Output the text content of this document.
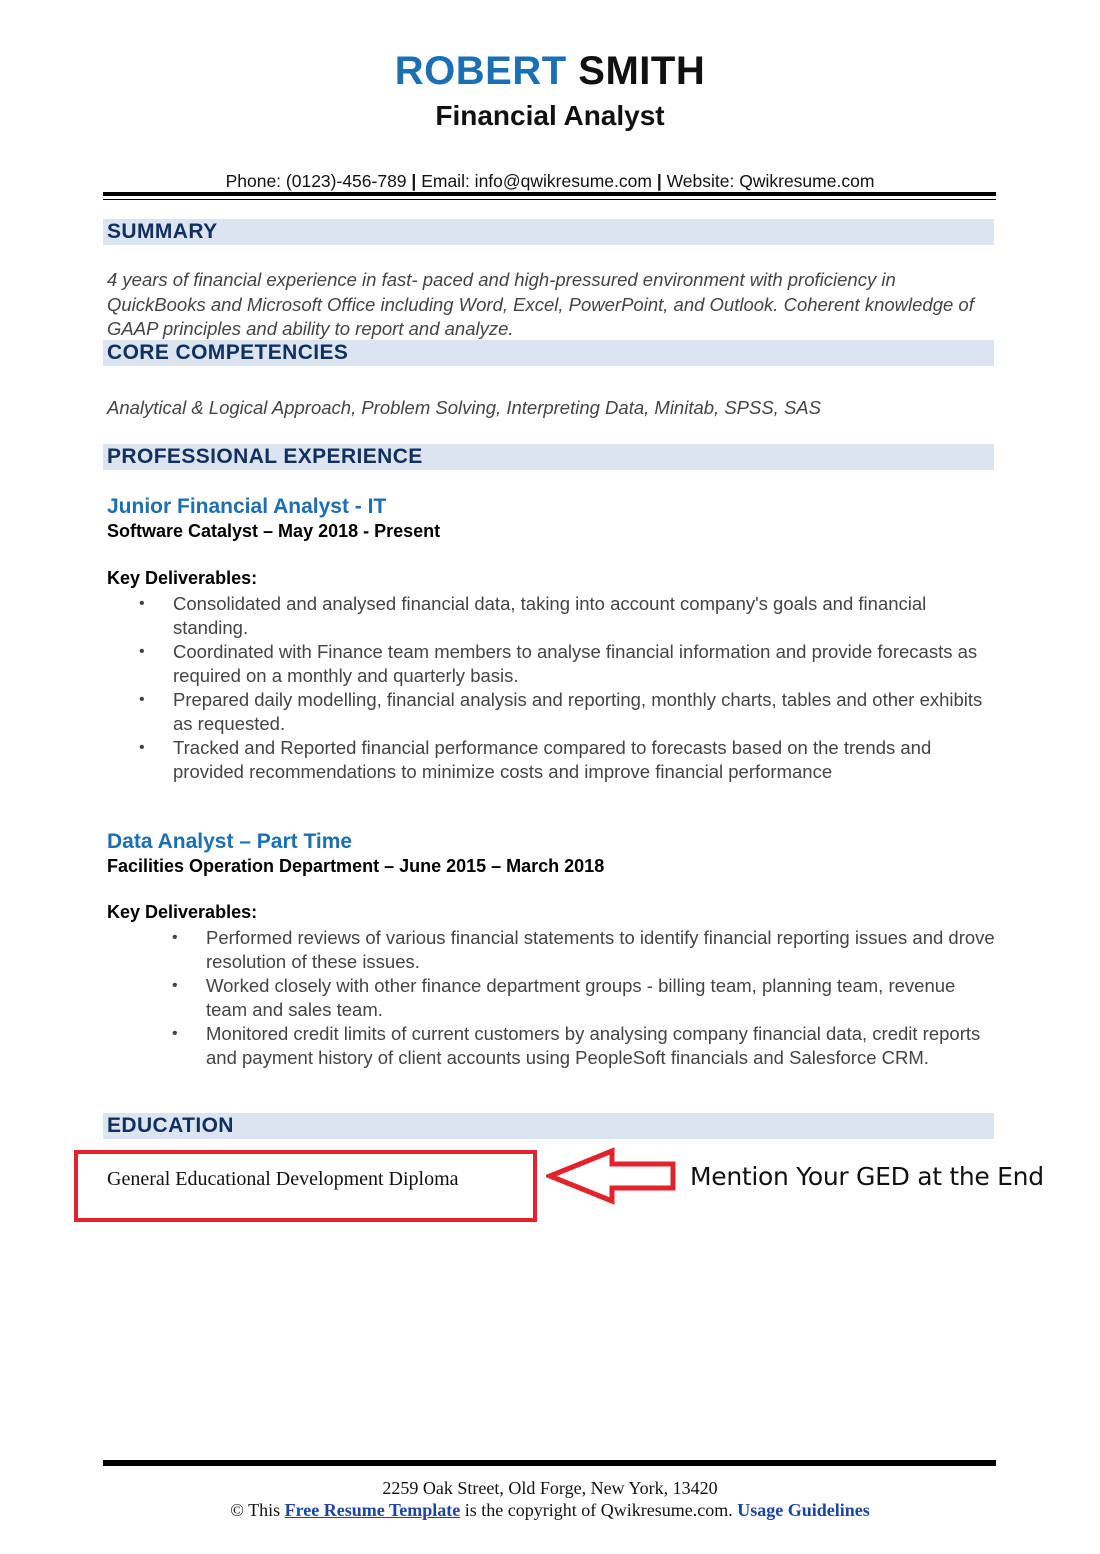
ROBERT SMITH
Financial Analyst
Phone: (0123)-456-789 | Email: info@qwikresume.com | Website: Qwikresume.com
SUMMARY
4 years of financial experience in fast- paced and high-pressured environment with proficiency in QuickBooks and Microsoft Office including Word, Excel, PowerPoint, and Outlook. Coherent knowledge of GAAP principles and ability to report and analyze.
CORE COMPETENCIES
Analytical & Logical Approach, Problem Solving, Interpreting Data, Minitab, SPSS, SAS
PROFESSIONAL EXPERIENCE
Junior Financial Analyst - IT
Software Catalyst – May 2018 - Present
Key Deliverables:
• Consolidated and analysed financial data, taking into account company's goals and financial standing.
• Coordinated with Finance team members to analyse financial information and provide forecasts as required on a monthly and quarterly basis.
• Prepared daily modelling, financial analysis and reporting, monthly charts, tables and other exhibits as requested.
• Tracked and Reported financial performance compared to forecasts based on the trends and provided recommendations to minimize costs and improve financial performance
Data Analyst – Part Time
Facilities Operation Department – June 2015 – March 2018
Key Deliverables:
• Performed reviews of various financial statements to identify financial reporting issues and drove resolution of these issues.
• Worked closely with other finance department groups - billing team, planning team, revenue team and sales team.
• Monitored credit limits of current customers by analysing company financial data, credit reports and payment history of client accounts using PeopleSoft financials and Salesforce CRM.
EDUCATION
General Educational Development Diploma	Mention Your GED at the End
2259 Oak Street, Old Forge, New York, 13420
© This Free Resume Template is the copyright of Qwikresume.com. Usage Guidelines
